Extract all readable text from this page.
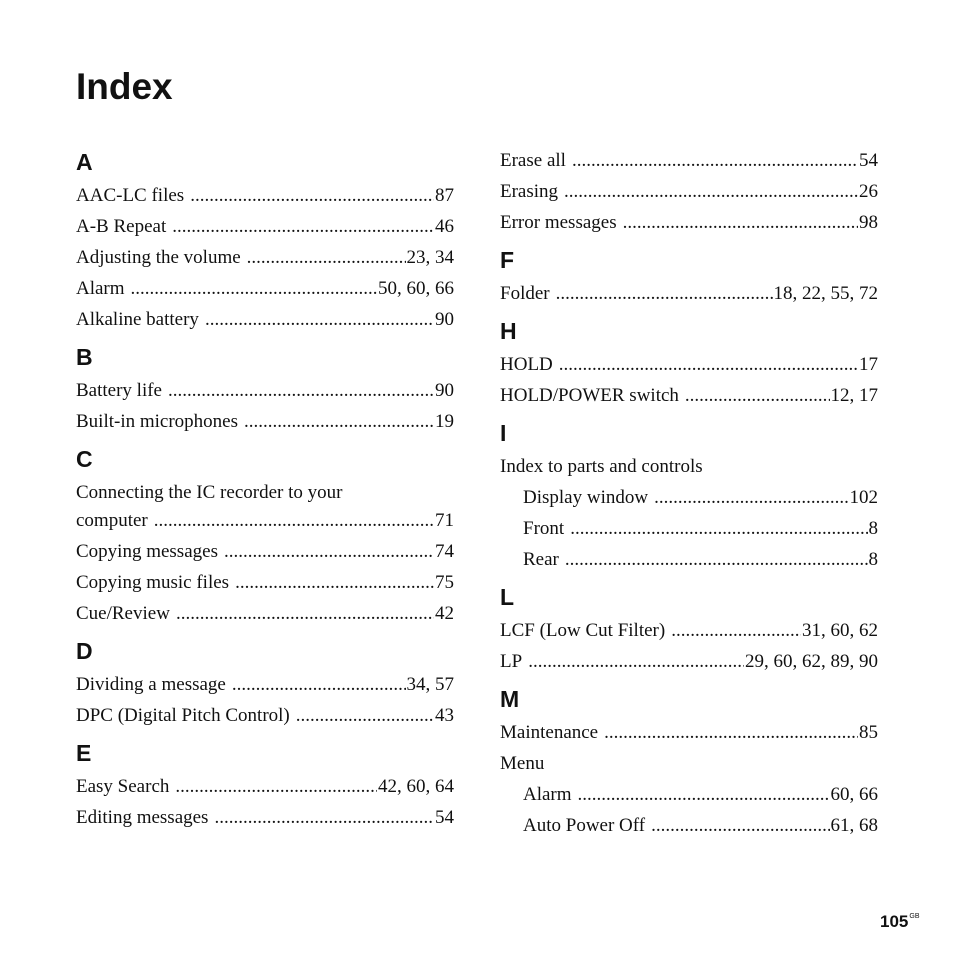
Index
A
AAC-LC files .....	87
A-B Repeat .....	46
Adjusting the volume .....	23, 34
Alarm .....	50, 60, 66
Alkaline battery .....	90
B
Battery life .....	90
Built-in microphones .....	19
C
Connecting the IC recorder to your
computer .....	71
Copying messages .....	74
Copying music files .....	75
Cue/Review .....	42
D
Dividing a message .....	34, 57
DPC (Digital Pitch Control) .....	43
E
Easy Search .....	42, 60, 64
Editing messages .....	54
Erase all .....	54
Erasing .....	26
Error messages .....	98
F
Folder .....	18, 22, 55, 72
H
HOLD .....	17
HOLD/POWER switch .....	12, 17
I
Index to parts and controls
Display window .....	102
Front .....	8
Rear .....	8
L
LCF (Low Cut Filter) .....	31, 60, 62
LP .....	29, 60, 62, 89, 90
M
Maintenance .....	85
Menu
Alarm .....	60, 66
Auto Power Off .....	61, 68
$105^{GB}$
